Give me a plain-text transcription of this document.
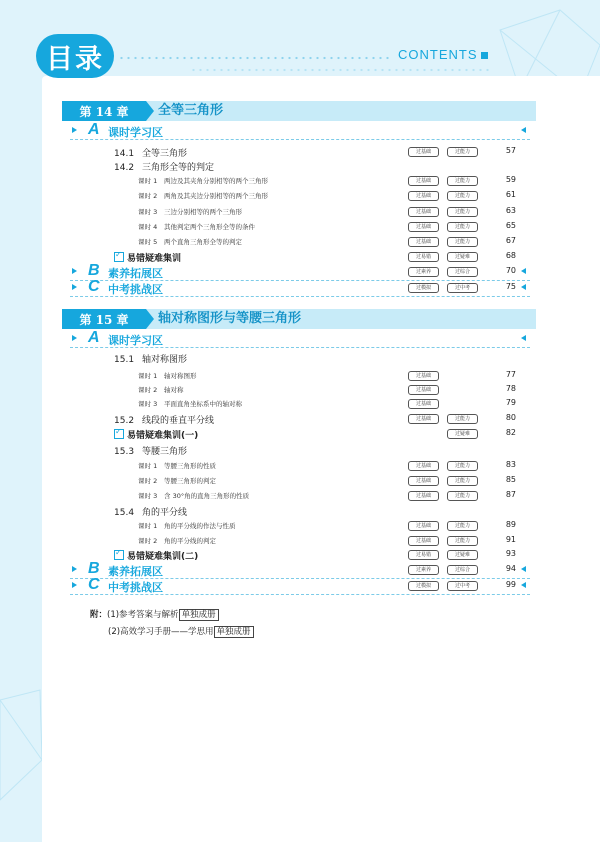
目录	CONTENTS
第 14 章	全等三角形
A 课时学习区
14.1 全等三角形	过基础	过能力	57
14.2 三角形全等的判定
课时 1 两边及其夹角分别相等的两个三角形	过基础	过能力	59
课时 2 两角及其夹边分别相等的两个三角形	过基础	过能力	61
课时 3 三边分别相等的两个三角形	过基础	过能力	63
课时 4 其他判定两个三角形全等的条件	过基础	过能力	65
课时 5 两个直角三角形全等的判定	过基础	过能力	67
✓易错疑难集训	过易错	过疑难	68
B 素养拓展区	过素养	过综合	70
C 中考挑战区	过模拟	过中考	75
第 15 章	轴对称图形与等腰三角形
A 课时学习区
15.1 轴对称图形
课时 1 轴对称图形	过基础	77
课时 2 轴对称	过基础	78
课时 3 平面直角坐标系中的轴对称	过基础	79
15.2 线段的垂直平分线	过基础	过能力	80
✓易错疑难集训(一)	过疑难	82
15.3 等腰三角形
课时 1 等腰三角形的性质	过基础	过能力	83
课时 2 等腰三角形的判定	过基础	过能力	85
课时 3 含 30°角的直角三角形的性质	过基础	过能力	87
15.4 角的平分线
课时 1 角的平分线的作法与性质	过基础	过能力	89
课时 2 角的平分线的判定	过基础	过能力	91
✓易错疑难集训(二)	过易错	过疑难	93
B 素养拓展区	过素养	过综合	94
C 中考挑战区	过模拟	过中考	99
附：(1)参考答案与解析 单独成册
(2)高效学习手册——学思用 单独成册
